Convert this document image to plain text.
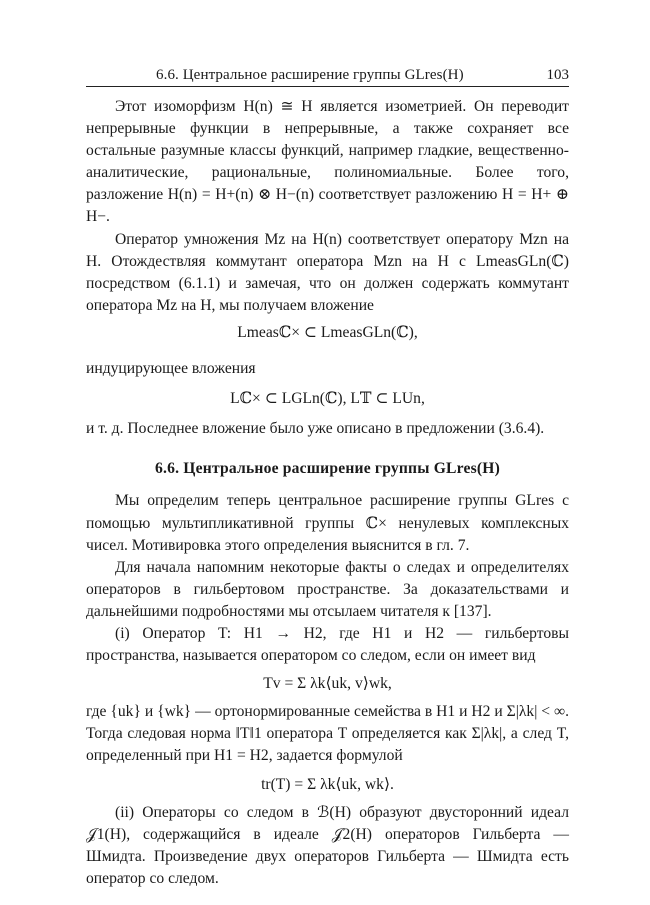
6.6. Центральное расширение группы GLres(H)	103

Этот изоморфизм H(n) ≅ H является изометрией. Он переводит непрерывные функции в непрерывные, а также сохраняет все остальные разумные классы функций, например гладкие, вещественно-аналитические, рациональные, полиномиальные. Более того, разложение H(n) = H+(n) ⊗ H−(n) соответствует разложению H = H+ ⊕ H−.

Оператор умножения Mz на H(n) соответствует оператору Mzn на H. Отождествляя коммутант оператора Mzn на H с LmeasGLn(ℂ) посредством (6.1.1) и замечая, что он должен содержать коммутант оператора Mz на H, мы получаем вложение

Lmeasℂ× ⊂ LmeasGLn(ℂ),

индуцирующее вложения

Lℂ× ⊂ LGLn(ℂ), L𝕋 ⊂ LUn,

и т. д. Последнее вложение было уже описано в предложении (3.6.4).

6.6. Центральное расширение группы GLres(H)

Мы определим теперь центральное расширение группы GLres с помощью мультипликативной группы ℂ× ненулевых комплексных чисел. Мотивировка этого определения выяснится в гл. 7.

Для начала напомним некоторые факты о следах и определителях операторов в гильбертовом пространстве. За доказательствами и дальнейшими подробностями мы отсылаем читателя к [137].

(i) Оператор T: H1 → H2, где H1 и H2 — гильбертовы пространства, называется оператором со следом, если он имеет вид

Tv = Σ λk⟨uk, v⟩wk,

где {uk} и {wk} — ортонормированные семейства в H1 и H2 и Σ|λk| < ∞. Тогда следовая норма ‖T‖1 оператора T определяется как Σ|λk|, а след T, определенный при H1 = H2, задается формулой

tr(T) = Σ λk⟨uk, wk⟩.

(ii) Операторы со следом в ℬ(H) образуют двусторонний идеал 𝒥1(H), содержащийся в идеале 𝒥2(H) операторов Гильберта — Шмидта. Произведение двух операторов Гильберта — Шмидта есть оператор со следом.
